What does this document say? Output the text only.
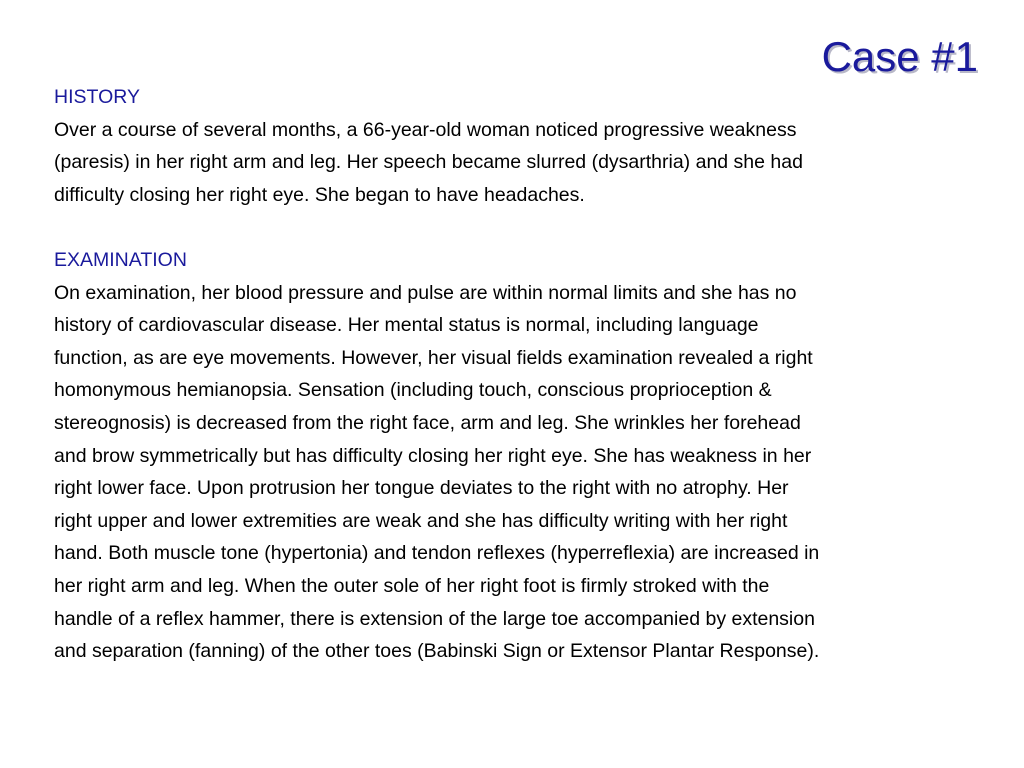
Case #1
HISTORY
Over a course of several months, a 66-year-old woman noticed progressive weakness
(paresis) in her right arm and leg. Her speech became slurred (dysarthria) and she had
difficulty closing her right eye. She began to have headaches.
EXAMINATION
On examination, her blood pressure and pulse are within normal limits and she has no
history of cardiovascular disease. Her mental status is normal, including language
function, as are eye movements. However, her visual fields examination revealed a right
homonymous hemianopsia. Sensation (including touch, conscious proprioception &
stereognosis) is decreased from the right face, arm and leg. She wrinkles her forehead
and brow symmetrically but has difficulty closing her right eye. She has weakness in her
right lower face. Upon protrusion her tongue deviates to the right with no atrophy. Her
right upper and lower extremities are weak and she has difficulty writing with her right
hand. Both muscle tone (hypertonia) and tendon reflexes (hyperreflexia) are increased in
her right arm and leg. When the outer sole of her right foot is firmly stroked with the
handle of a reflex hammer, there is extension of the large toe accompanied by extension
and separation (fanning) of the other toes (Babinski Sign or Extensor Plantar Response).
